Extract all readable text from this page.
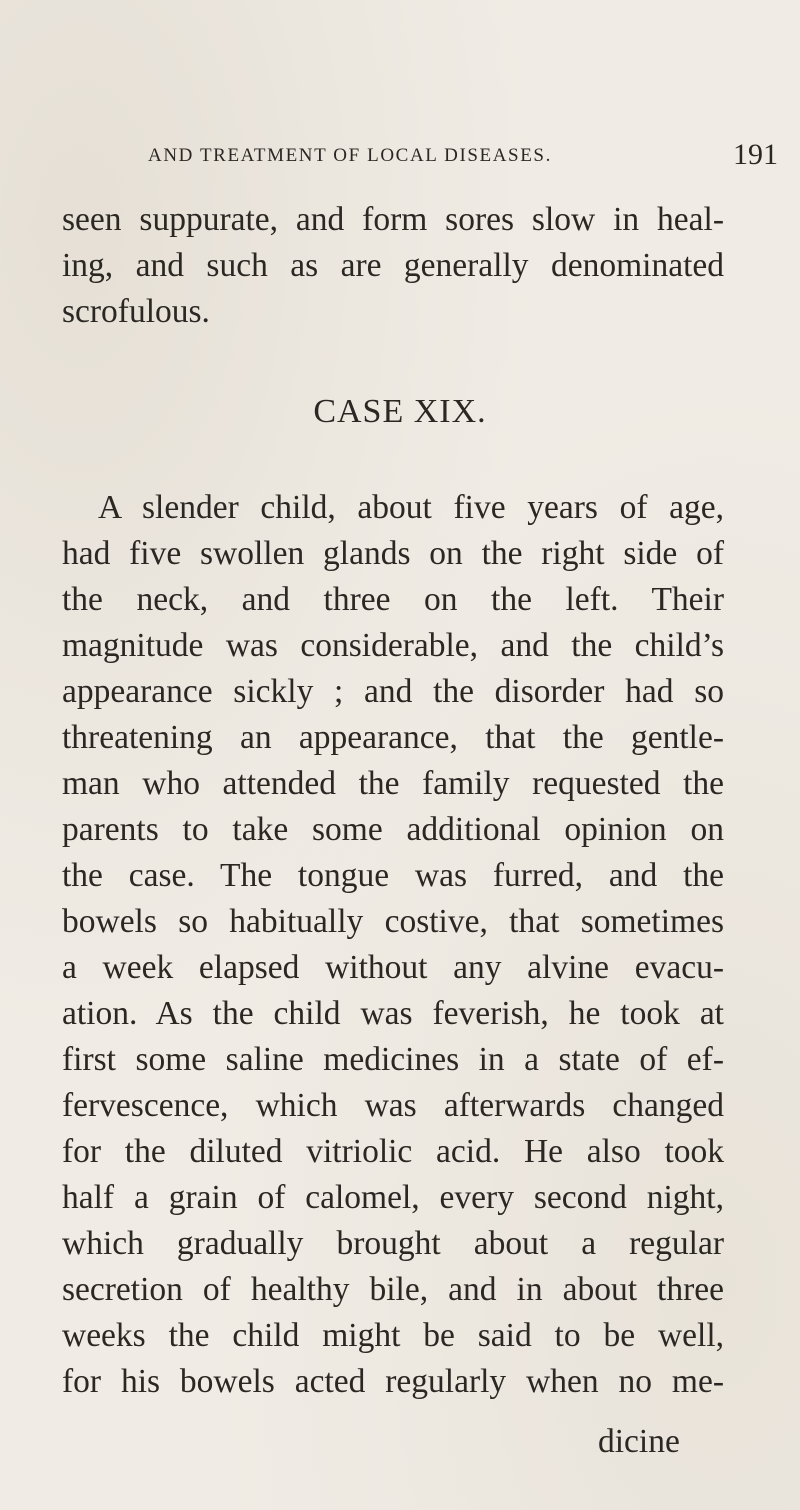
AND TREATMENT OF LOCAL DISEASES.	191
seen suppurate, and form sores slow in heal-
ing, and such as are generally denominated
scrofulous.
CASE XIX.
A slender child, about five years of age,
had five swollen glands on the right side of
the neck, and three on the left. Their
magnitude was considerable, and the child’s
appearance sickly ; and the disorder had so
threatening an appearance, that the gentle-
man who attended the family requested the
parents to take some additional opinion on
the case. The tongue was furred, and the
bowels so habitually costive, that sometimes
a week elapsed without any alvine evacu-
ation. As the child was feverish, he took at
first some saline medicines in a state of ef-
fervescence, which was afterwards changed
for the diluted vitriolic acid. He also took
half a grain of calomel, every second night,
which gradually brought about a regular
secretion of healthy bile, and in about three
weeks the child might be said to be well,
for his bowels acted regularly when no me-
dicine
